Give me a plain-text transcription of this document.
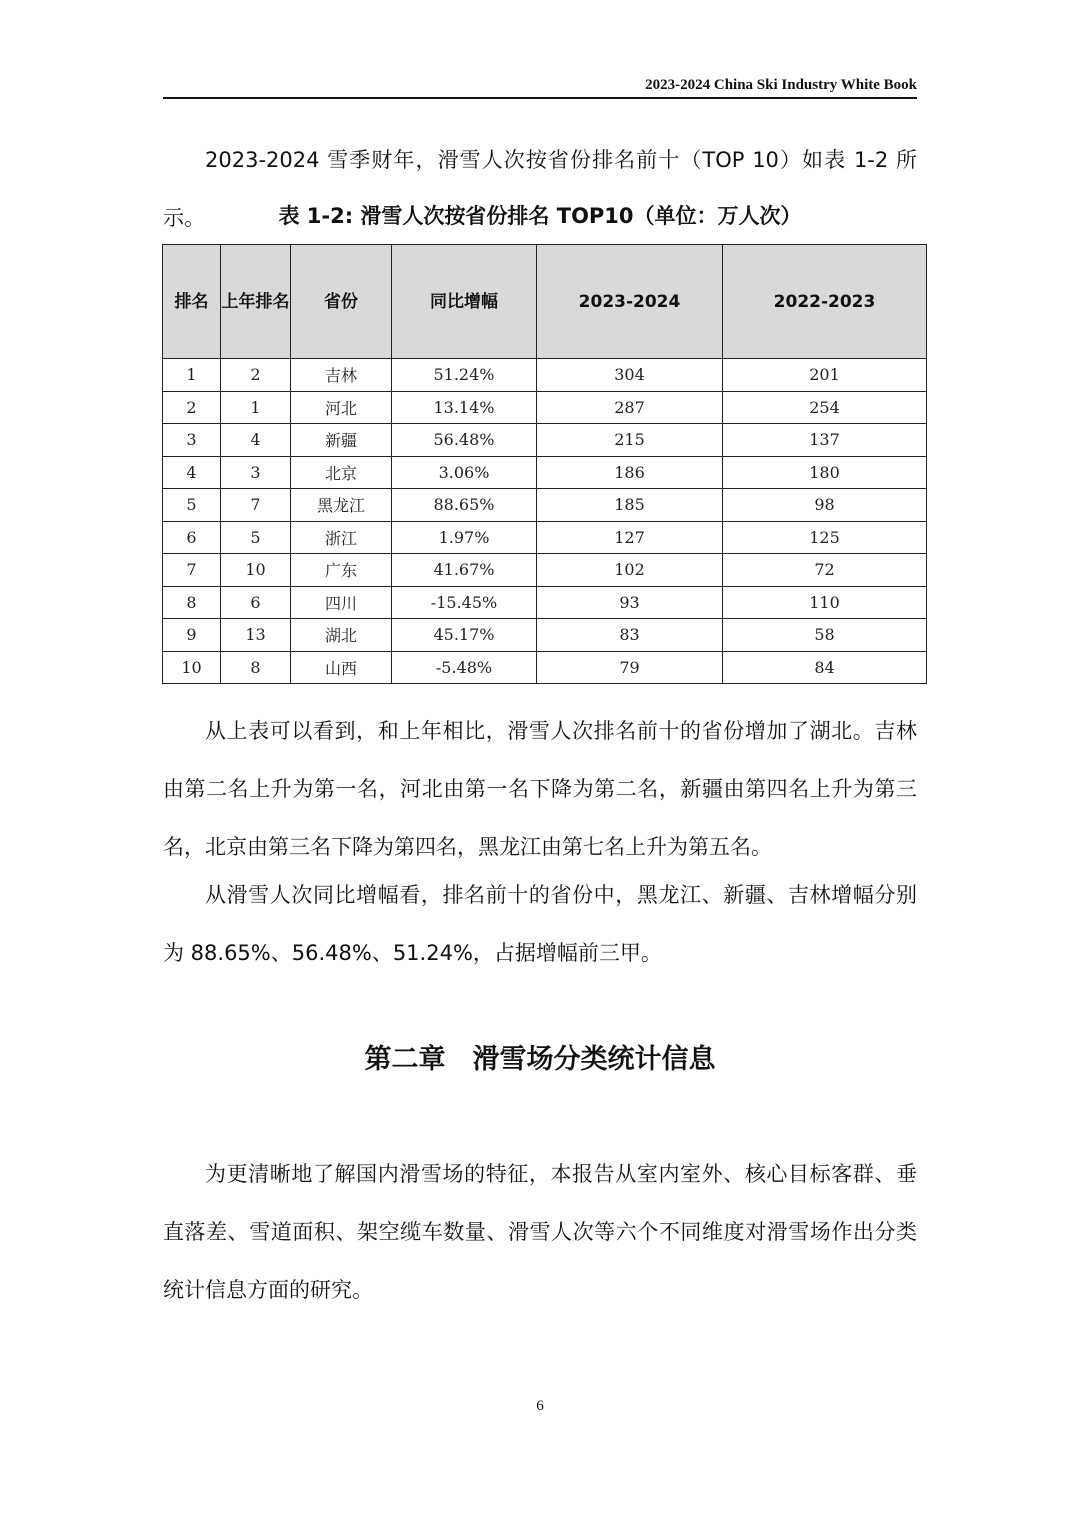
2023-2024 China Ski Industry White Book

2023-2024 雪季财年，滑雪人次按省份排名前十（TOP 10）如表 1-2 所示。	表 1-2: 滑雪人次按省份排名 TOP10（单位：万人次）
排名	上年排名	省份	同比增幅	2023-2024	2022-2023
1	2	吉林	51.24%	304	201
2	1	河北	13.14%	287	254
3	4	新疆	56.48%	215	137
4	3	北京	3.06%	186	180
5	7	黑龙江	88.65%	185	98
6	5	浙江	1.97%	127	125
7	10	广东	41.67%	102	72
8	6	四川	-15.45%	93	110
9	13	湖北	45.17%	83	58
10	8	山西	-5.48%	79	84

从上表可以看到，和上年相比，滑雪人次排名前十的省份增加了湖北。吉林由第二名上升为第一名，河北由第一名下降为第二名，新疆由第四名上升为第三名，北京由第三名下降为第四名，黑龙江由第七名上升为第五名。

从滑雪人次同比增幅看，排名前十的省份中，黑龙江、新疆、吉林增幅分别为 88.65%、56.48%、51.24%，占据增幅前三甲。

第二章　滑雪场分类统计信息

为更清晰地了解国内滑雪场的特征，本报告从室内室外、核心目标客群、垂直落差、雪道面积、架空缆车数量、滑雪人次等六个不同维度对滑雪场作出分类统计信息方面的研究。

6
